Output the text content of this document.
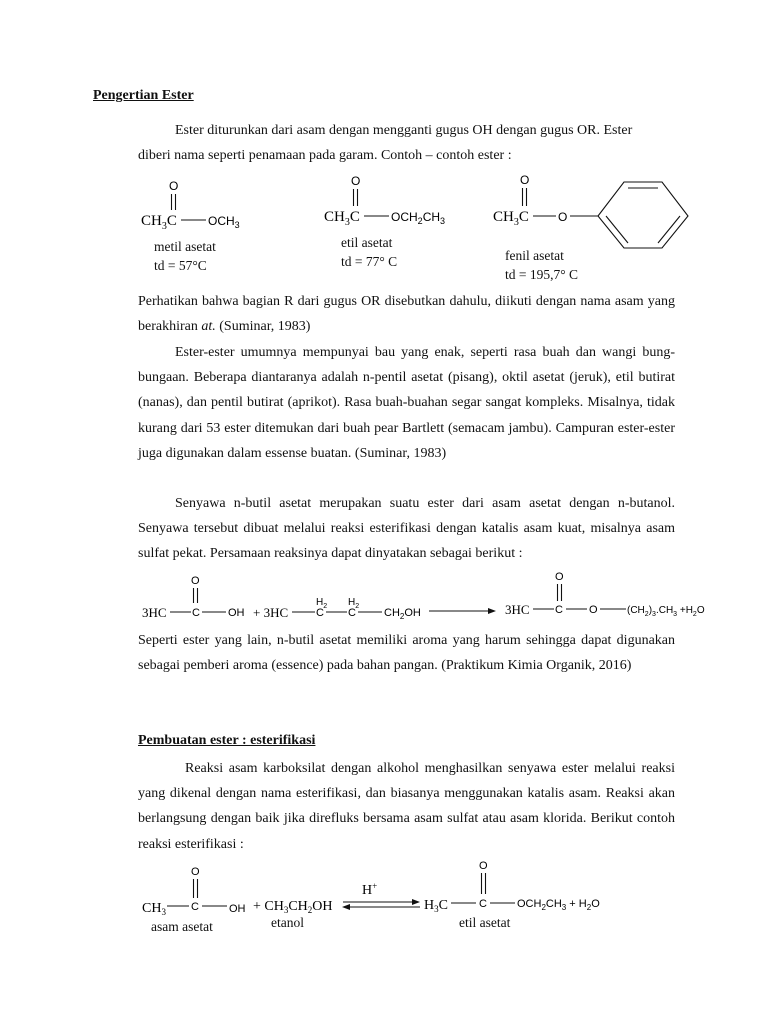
Pengertian Ester
Ester diturunkan dari asam dengan mengganti gugus OH dengan gugus OR. Ester
diberi nama seperti penamaan pada garam. Contoh – contoh ester :
O
$CH_3C$	$OCH_3$
O
$CH_3C$	$OCH_2CH_3$
O
$CH_3C$ O
metil asetat
td = 57°C
etil asetat
td = 77° C	fenil asetat
td = 195,7° C
Perhatikan bahwa bagian R dari gugus OR disebutkan dahulu, diikuti dengan nama asam yang berakhiran at. (Suminar, 1983)
Ester-ester umumnya mempunyai bau yang enak, seperti rasa buah dan wangi bung-bungaan. Beberapa diantaranya adalah n-pentil asetat (pisang), oktil asetat (jeruk), etil butirat (nanas), dan pentil butirat (aprikot). Rasa buah-buahan segar sangat kompleks. Misalnya, tidak kurang dari 53 ester ditemukan dari buah pear Bartlett (semacam jambu). Campuran ester-ester juga digunakan dalam essense buatan. (Suminar, 1983)
Senyawa n-butil asetat merupakan suatu ester dari asam asetat dengan n-butanol. Senyawa tersebut dibuat melalui reaksi esterifikasi dengan katalis asam kuat, misalnya asam sulfat pekat. Persamaan reaksinya dapat dinyatakan sebagai berikut :
O
3HC C	OH + 3HC
$H_2$
C
$H_2$
C	$CH_2OH$
O
3HC C O	$(CH_2)_3.CH_3 +H_2O$
Seperti ester yang lain, n-butil asetat memiliki aroma yang harum sehingga dapat digunakan sebagai pemberi aroma (essence) pada bahan pangan. (Praktikum Kimia Organik, 2016)
Pembuatan ester : esterifikasi
Reaksi asam karboksilat dengan alkohol menghasilkan senyawa ester melalui reaksi yang dikenal dengan nama esterifikasi, dan biasanya menggunakan katalis asam. Reaksi akan berlangsung dengan baik jika direfluks bersama asam sulfat atau asam klorida. Berikut contoh reaksi esterifikasi :
O
$CH_3$ C	OH + $CH_3CH_2OH$
H+
O
$H_3C$	C	$OCH_2CH_3 + H_2O$
asam asetat	etanol	etil asetat
